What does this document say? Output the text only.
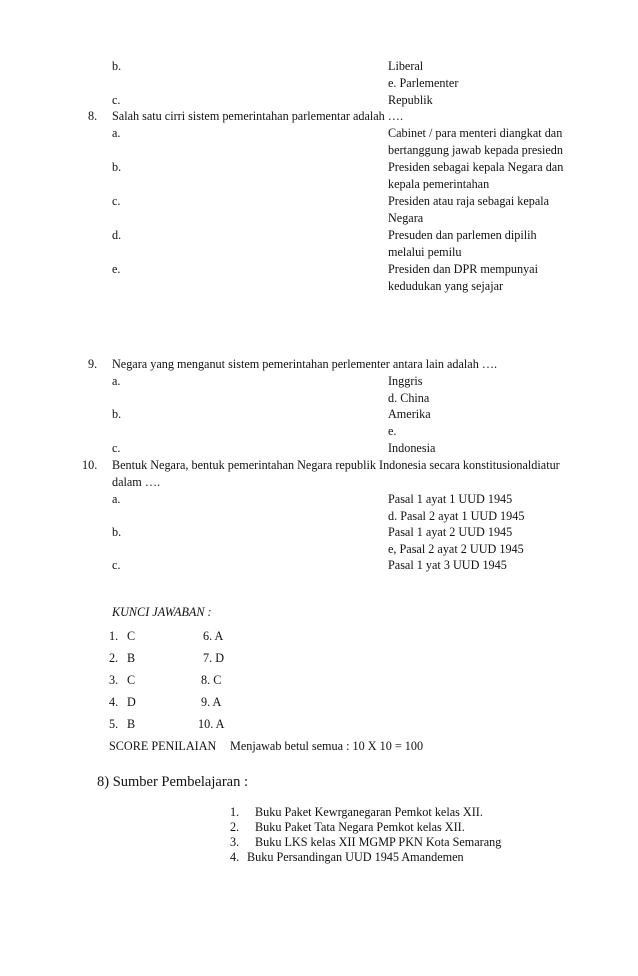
b.	Liberal
e. Parlementer
c.	Republik
8. Salah satu cirri sistem pemerintahan parlementar adalah ….
a.	Cabinet / para menteri diangkat dan
bertanggung jawab kepada presiedn
b.	Presiden sebagai kepala Negara dan
kepala pemerintahan
c.	Presiden atau raja sebagai kepala
Negara
d.	Presuden dan parlemen dipilih
melalui pemilu
e.	Presiden dan DPR mempunyai
kedudukan yang sejajar
9. Negara yang menganut sistem pemerintahan perlementer antara lain adalah ….
a.	Inggris
d. China
b.	Amerika
e.
c.	Indonesia
10. Bentuk Negara, bentuk pemerintahan Negara republik Indonesia secara konstitusionaldiatur
dalam ….
a.	Pasal 1 ayat 1 UUD 1945
d. Pasal 2 ayat 1 UUD 1945
b.	Pasal 1 ayat 2 UUD 1945
e, Pasal 2 ayat 2 UUD 1945
c.	Pasal 1 yat 3 UUD 1945
KUNCI JAWABAN :
1. C	6. A
2. B	7. D
3. C	8. C
4. D	9. A
5. B	10. A
SCORE PENILAIAN Menjawab betul semua : 10 X 10 = 100
8) Sumber Pembelajaran :
1. Buku Paket Kewrganegaran Pemkot kelas XII.
2. Buku Paket Tata Negara Pemkot kelas XII.
3. Buku LKS kelas XII MGMP PKN Kota Semarang
4. Buku Persandingan UUD 1945 Amandemen
